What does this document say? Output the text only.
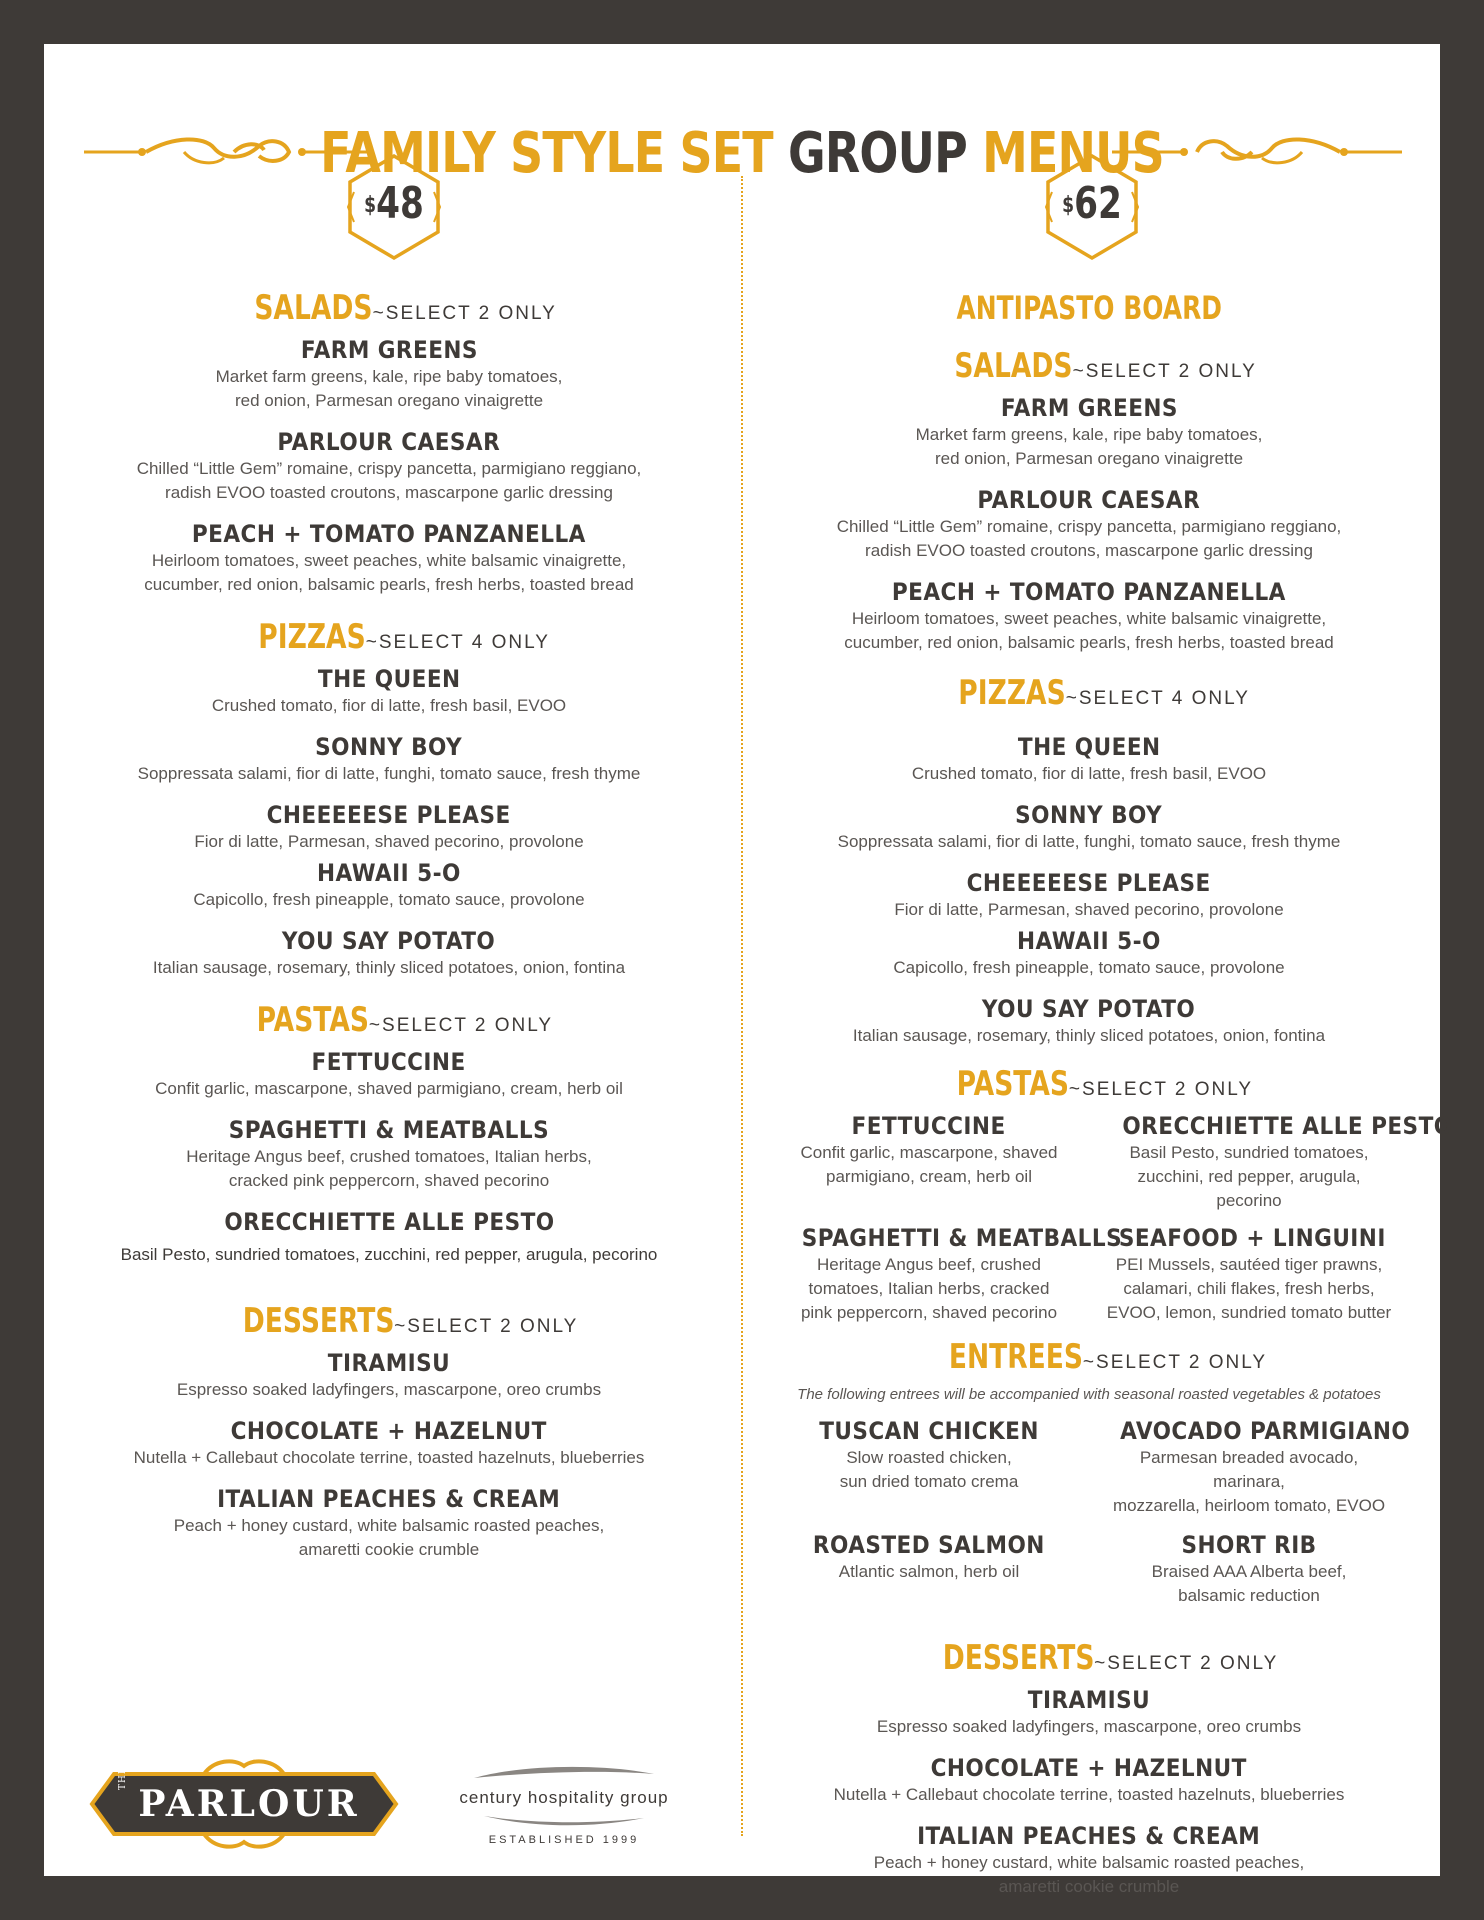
FAMILY STYLE SET GROUP MENUS
$48	$62
SALADS~ SELECT 2 ONLY
FARM GREENS
Market farm greens, kale, ripe baby tomatoes,
red onion, Parmesan oregano vinaigrette
PARLOUR CAESAR
Chilled “Little Gem” romaine, crispy pancetta, parmigiano reggiano,
radish EVOO toasted croutons, mascarpone garlic dressing
PEACH + TOMATO PANZANELLA
Heirloom tomatoes, sweet peaches, white balsamic vinaigrette,
cucumber, red onion, balsamic pearls, fresh herbs, toasted bread
PIZZAS~ SELECT 4 ONLY
THE QUEEN
Crushed tomato, fior di latte, fresh basil, EVOO
SONNY BOY
Soppressata salami, fior di latte, funghi, tomato sauce, fresh thyme
CHEEEEESE PLEASE
Fior di latte, Parmesan, shaved pecorino, provolone
HAWAII 5-O
Capicollo, fresh pineapple, tomato sauce, provolone
YOU SAY POTATO
Italian sausage, rosemary, thinly sliced potatoes, onion, fontina
PASTAS~ SELECT 2 ONLY
FETTUCCINE
Confit garlic, mascarpone, shaved parmigiano, cream, herb oil
SPAGHETTI & MEATBALLS
Heritage Angus beef, crushed tomatoes, Italian herbs,
cracked pink peppercorn, shaved pecorino
ORECCHIETTE ALLE PESTO
Basil Pesto, sundried tomatoes, zucchini, red pepper, arugula, pecorino
DESSERTS~ SELECT 2 ONLY
TIRAMISU
Espresso soaked ladyfingers, mascarpone, oreo crumbs
CHOCOLATE + HAZELNUT
Nutella + Callebaut chocolate terrine, toasted hazelnuts, blueberries
ITALIAN PEACHES & CREAM
Peach + honey custard, white balsamic roasted peaches,
amaretti cookie crumble
ANTIPASTO BOARD
SALADS~ SELECT 2 ONLY
FARM GREENS
Market farm greens, kale, ripe baby tomatoes,
red onion, Parmesan oregano vinaigrette
PARLOUR CAESAR
Chilled “Little Gem” romaine, crispy pancetta, parmigiano reggiano,
radish EVOO toasted croutons, mascarpone garlic dressing
PEACH + TOMATO PANZANELLA
Heirloom tomatoes, sweet peaches, white balsamic vinaigrette,
cucumber, red onion, balsamic pearls, fresh herbs, toasted bread
PIZZAS~ SELECT 4 ONLY
THE QUEEN
Crushed tomato, fior di latte, fresh basil, EVOO
SONNY BOY
Soppressata salami, fior di latte, funghi, tomato sauce, fresh thyme
CHEEEEESE PLEASE
Fior di latte, Parmesan, shaved pecorino, provolone
HAWAII 5-O
Capicollo, fresh pineapple, tomato sauce, provolone
YOU SAY POTATO
Italian sausage, rosemary, thinly sliced potatoes, onion, fontina
PASTAS~ SELECT 2 ONLY
FETTUCCINE
Confit garlic, mascarpone, shaved
parmigiano, cream, herb oil
ORECCHIETTE ALLE PESTO
Basil Pesto, sundried tomatoes,
zucchini, red pepper, arugula, pecorino
SPAGHETTI & MEATBALLS
Heritage Angus beef, crushed
tomatoes, Italian herbs, cracked
pink peppercorn, shaved pecorino
SEAFOOD + LINGUINI
PEI Mussels, sautéed tiger prawns,
calamari, chili flakes, fresh herbs,
EVOO, lemon, sundried tomato butter
ENTREES~ SELECT 2 ONLY
The following entrees will be accompanied with seasonal roasted vegetables & potatoes
TUSCAN CHICKEN
Slow roasted chicken,
sun dried tomato crema
AVOCADO PARMIGIANO
Parmesan breaded avocado, marinara,
mozzarella, heirloom tomato, EVOO
ROASTED SALMON
Atlantic salmon, herb oil
SHORT RIB
Braised AAA Alberta beef,
balsamic reduction
DESSERTS~ SELECT 2 ONLY
TIRAMISU
Espresso soaked ladyfingers, mascarpone, oreo crumbs
CHOCOLATE + HAZELNUT
Nutella + Callebaut chocolate terrine, toasted hazelnuts, blueberries
ITALIAN PEACHES & CREAM
Peach + honey custard, white balsamic roasted peaches,
amaretti cookie crumble
THE
PARLOUR	century hospitality group
ESTABLISHED 1999
